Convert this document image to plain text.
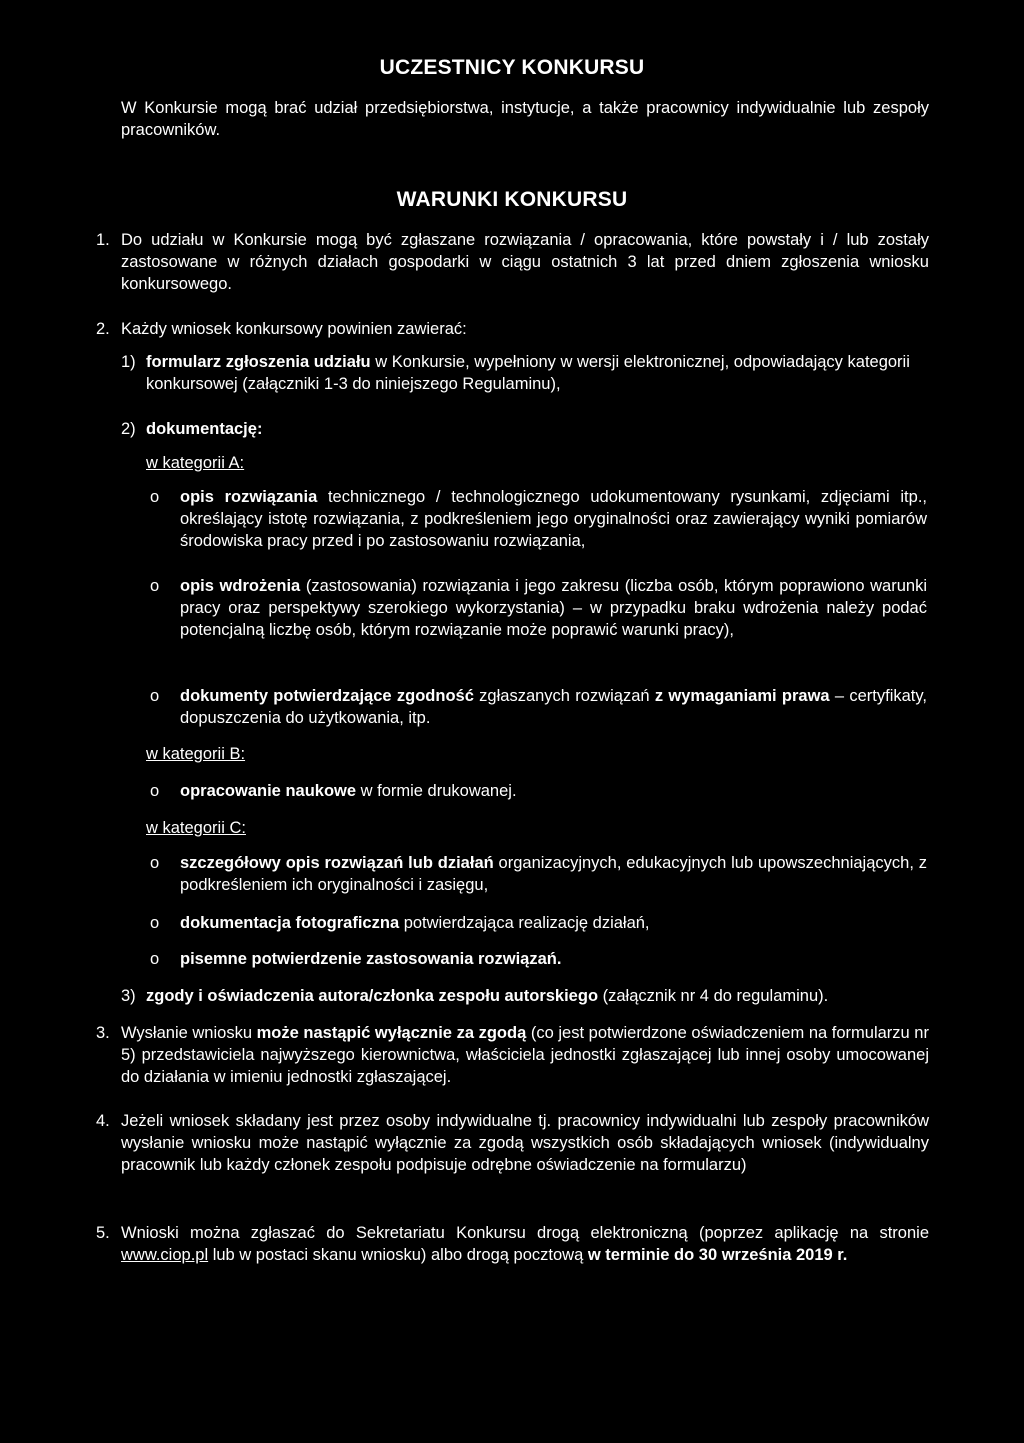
UCZESTNICY KONKURSU
W Konkursie mogą brać udział przedsiębiorstwa, instytucje, a także pracownicy indywidualnie lub zespoły pracowników.
WARUNKI KONKURSU
1. Do udziału w Konkursie mogą być zgłaszane rozwiązania / opracowania, które powstały i / lub zostały zastosowane w różnych działach gospodarki w ciągu ostatnich 3 lat przed dniem zgłoszenia wniosku konkursowego.
2. Każdy wniosek konkursowy powinien zawierać:
1) formularz zgłoszenia udziału w Konkursie, wypełniony w wersji elektronicznej, odpowiadający kategorii konkursowej (załączniki 1-3 do niniejszego Regulaminu),
2) dokumentację:
w kategorii A:
o opis rozwiązania technicznego / technologicznego udokumentowany rysunkami, zdjęciami itp., określający istotę rozwiązania, z podkreśleniem jego oryginalności oraz zawierający wyniki pomiarów środowiska pracy przed i po zastosowaniu rozwiązania,
o opis wdrożenia (zastosowania) rozwiązania i jego zakresu (liczba osób, którym poprawiono warunki pracy oraz perspektywy szerokiego wykorzystania) – w przypadku braku wdrożenia należy podać potencjalną liczbę osób, którym rozwiązanie może poprawić warunki pracy),
o dokumenty potwierdzające zgodność zgłaszanych rozwiązań z wymaganiami prawa – certyfikaty, dopuszczenia do użytkowania, itp.
w kategorii B:
o opracowanie naukowe w formie drukowanej.
w kategorii C:
o szczegółowy opis rozwiązań lub działań organizacyjnych, edukacyjnych lub upowszechniających, z podkreśleniem ich oryginalności i zasięgu,
o dokumentacja fotograficzna potwierdzająca realizację działań,
o pisemne potwierdzenie zastosowania rozwiązań.
3) zgody i oświadczenia autora/członka zespołu autorskiego (załącznik nr 4 do regulaminu).
3. Wysłanie wniosku może nastąpić wyłącznie za zgodą (co jest potwierdzone oświadczeniem na formularzu nr 5) przedstawiciela najwyższego kierownictwa, właściciela jednostki zgłaszającej lub innej osoby umocowanej do działania w imieniu jednostki zgłaszającej.
4. Jeżeli wniosek składany jest przez osoby indywidualne tj. pracownicy indywidualni lub zespoły pracowników wysłanie wniosku może nastąpić wyłącznie za zgodą wszystkich osób składających wniosek (indywidualny pracownik lub każdy członek zespołu podpisuje odrębne oświadczenie na formularzu)
5. Wnioski można zgłaszać do Sekretariatu Konkursu drogą elektroniczną (poprzez aplikację na stronie www.ciop.pl lub w postaci skanu wniosku) albo drogą pocztową w terminie do 30 września 2019 r.
